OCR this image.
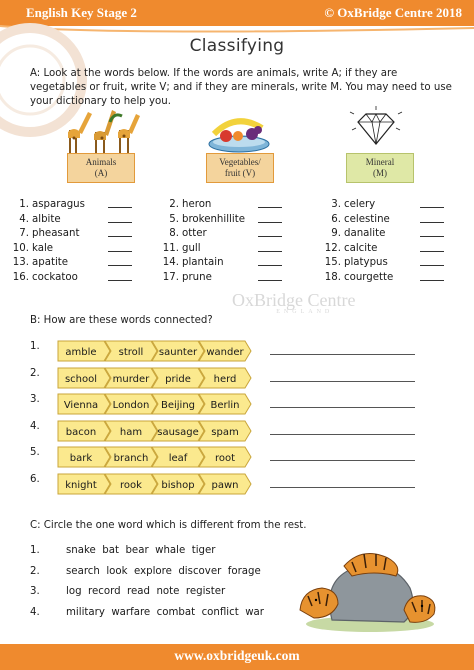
English Key Stage 2	© OxBridge Centre 2018
Classifying
A: Look at the words below. If the words are animals, write A; if they are vegetables or fruit, write V; and if they are minerals, write M. You may need to use your dictionary to help you.
Animals
(A)
Vegetables/
fruit (V)
Mineral
(M)
1. asparagus
4. albite
7. pheasant
10. kale
13. apatite
16. cockatoo
2. heron
5. brokenhillite
8. otter
11. gull
14. plantain
17. prune
3. celery
6. celestine
9. danalite
12. calcite
15. platypus
18. courgette
OxBridge Centre
ENGLAND
B: How are these words connected?
1.
amble stroll saunter wander
2.
school murder pride herd
3.
Vienna London Beijing Berlin
4.
bacon ham sausage spam
5.
bark branch leaf	root
6.
knight rook bishop pawn
C: Circle the one word which is different from the rest.
1.	snake  bat  bear  whale  tiger
2.	search  look  explore  discover  forage
3.	log  record  read  note  register
4.	military  warfare  combat  conflict  war
www.oxbridgeuk.com
